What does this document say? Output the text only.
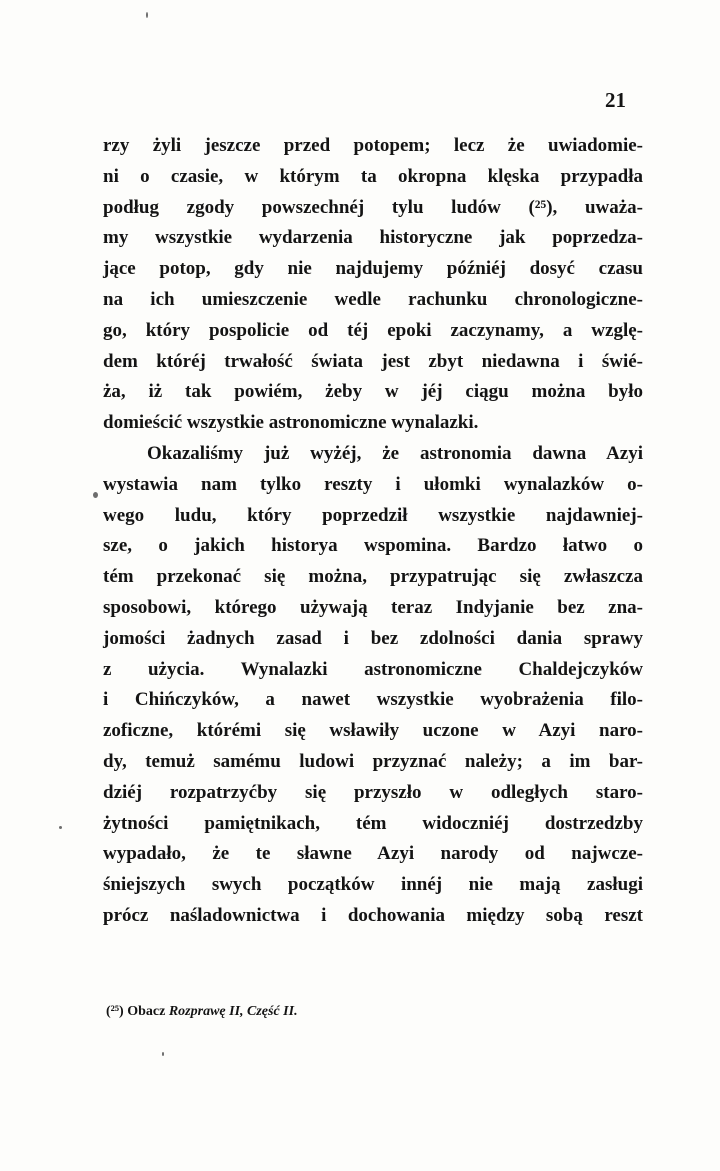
21
rzy żyli jeszcze przed potopem; lecz że uwiadomie-
ni o czasie, w którym ta okropna klęska przypadła
podług zgody powszechnéj tylu ludów (²⁵), uważa-
my wszystkie wydarzenia historyczne jak poprzedza-
jące potop, gdy nie najdujemy późniéj dosyć czasu
na ich umieszczenie wedle rachunku chronologiczne-
go, który pospolicie od téj epoki zaczynamy, a wzglę-
dem któréj trwałość świata jest zbyt niedawna i świé-
ża, iż tak powiém, żeby w jéj ciągu można było
domieścić wszystkie astronomiczne wynalazki.
Okazaliśmy już wyżéj, że astronomia dawna Azyi
wystawia nam tylko reszty i ułomki wynalazków o-
wego ludu, który poprzedził wszystkie najdawniej-
sze, o jakich historya wspomina. Bardzo łatwo o
tém przekonać się można, przypatrując się zwłaszcza
sposobowi, którego używają teraz Indyjanie bez zna-
jomości żadnych zasad i bez zdolności dania sprawy
z użycia. Wynalazki astronomiczne Chaldejczyków
i Chińczyków, a nawet wszystkie wyobrażenia filo-
zoficzne, którémi się wsławiły uczone w Azyi naro-
dy, temuż samému ludowi przyznać należy; a im bar-
dziéj rozpatrzyćby się przyszło w odległych staro-
żytności pamiętnikach, tém widoczniéj dostrzedzby
wypadało, że te sławne Azyi narody od najwcze-
śniejszych swych początków innéj nie mają zasługi
prócz naśladownictwa i dochowania między sobą reszt
(²⁵) Obacz Rozprawę II, Część II.
